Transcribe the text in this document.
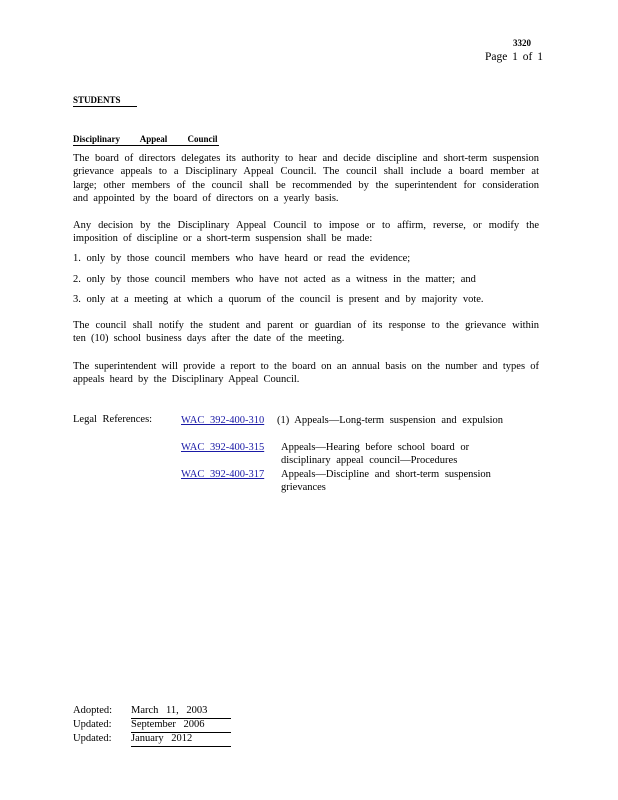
3320
Page 1 of 1
STUDENTS
Disciplinary Appeal Council

The board of directors delegates its authority to hear and decide discipline and short-term suspension grievance appeals to a Disciplinary Appeal Council. The council shall include a board member at large; other members of the council shall be recommended by the superintendent for consideration and appointed by the board of directors on a yearly basis.

Any decision by the Disciplinary Appeal Council to impose or to affirm, reverse, or modify the imposition of discipline or a short-term suspension shall be made:

1. only by those council members who have heard or read the evidence;

2. only by those council members who have not acted as a witness in the matter; and

3. only at a meeting at which a quorum of the council is present and by majority vote.

The council shall notify the student and parent or guardian of its response to the grievance within ten (10) school business days after the date of the meeting.

The superintendent will provide a report to the board on an annual basis on the number and types of appeals heard by the Disciplinary Appeal Council.

Legal References:	WAC 392-400-310	(1) Appeals—Long-term suspension and expulsion
WAC 392-400-315	Appeals—Hearing before school board or disciplinary appeal council—Procedures
WAC 392-400-317	Appeals—Discipline and short-term suspension grievances
Adopted: March 11, 2003
Updated: September 2006
Updated: January 2012
